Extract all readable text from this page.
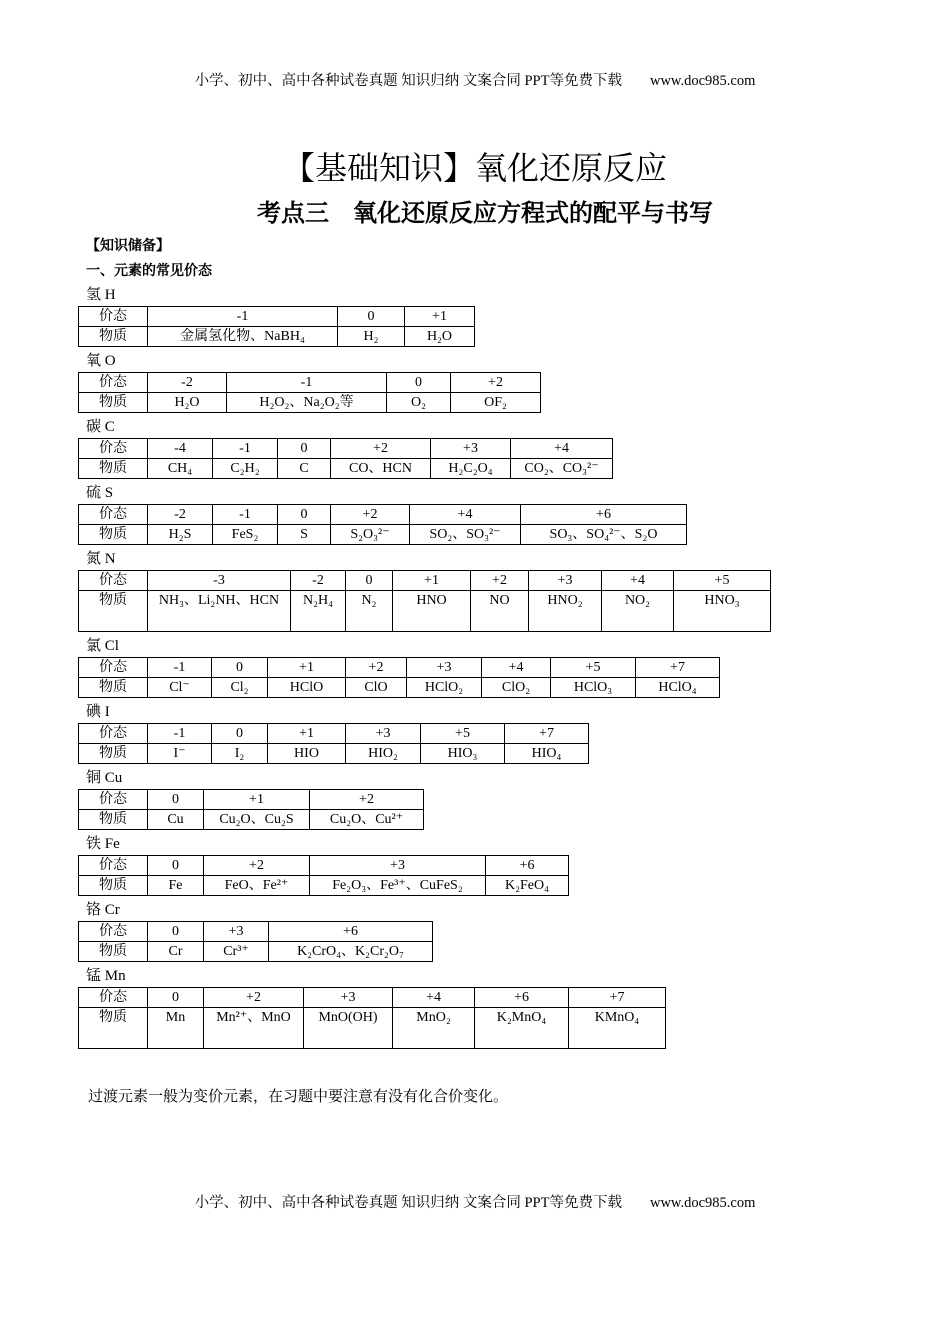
小学、初中、高中各种试卷真题 知识归纳 文案合同 PPT等免费下载 www.doc985.com
【基础知识】氧化还原反应
考点三　氧化还原反应方程式的配平与书写
【知识储备】
一、元素的常见价态
氢 H
价态	-1	0	+1
物质	金属氢化物、NaBH₄	H₂	H₂O
氧 O
价态	-2	-1	0	+2
物质	H₂O	H₂O₂、Na₂O₂等	O₂	OF₂
碳 C
价态	-4	-1	0	+2	+3	+4
物质	CH₄	C₂H₂	C	CO、HCN	H₂C₂O₄	CO₂、CO₃²⁻
硫 S
价态	-2	-1	0	+2	+4	+6
物质	H₂S	FeS₂	S	S₂O₃²⁻	SO₂、SO₃²⁻	SO₃、SO₄²⁻、S₂O
氮 N
价态	-3	-2	0	+1	+2	+3	+4	+5
物质	NH₃、Li₂NH、HCN	N₂H₄	N₂	HNO	NO	HNO₂	NO₂	HNO₃
氯 Cl
价态	-1	0	+1	+2	+3	+4	+5	+7
物质	Cl⁻	Cl₂	HClO	ClO	HClO₂	ClO₂	HClO₃	HClO₄
碘 I
价态	-1	0	+1	+3	+5	+7
物质	I⁻	I₂	HIO	HIO₂	HIO₃	HIO₄
铜 Cu
价态	0	+1	+2
物质	Cu	Cu₂O、Cu₂S	Cu₂O、Cu²⁺
铁 Fe
价态	0	+2	+3	+6
物质	Fe	FeO、Fe²⁺	Fe₂O₃、Fe³⁺、CuFeS₂	K₂FeO₄
铬 Cr
价态	0	+3	+6
物质	Cr	Cr³⁺	K₂CrO₄、K₂Cr₂O₇
锰 Mn
价态	0	+2	+3	+4	+6	+7
物质	Mn	Mn²⁺、MnO	MnO(OH)	MnO₂	K₂MnO₄	KMnO₄
过渡元素一般为变价元素，在习题中要注意有没有化合价变化。
小学、初中、高中各种试卷真题 知识归纳 文案合同 PPT等免费下载 www.doc985.com
